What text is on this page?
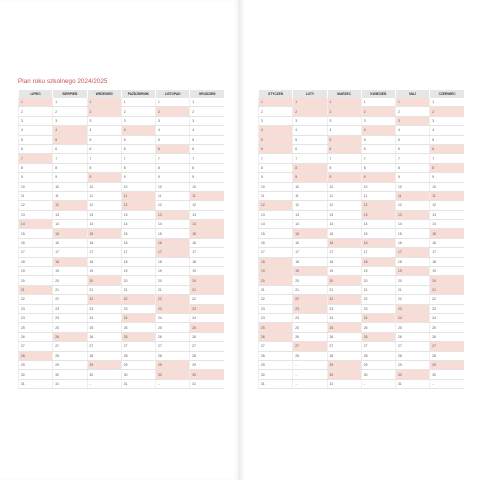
Plan roku szkolnego 2024/2025
LIPIEC	SIERPIEŃ	WRZESIEŃ	PAŹDZIERNIK	LISTOPAD	GRUDZIEŃ
1	1	1	1	1	1
2	2	2	2	2	2
3	3	3	3	3	3
4	4	4	4	4	4
5	5	5	5	5	5
6	6	6	6	6	6
7	7	7	7	7	7
8	8	8	8	8	8
9	9	9	9	9	9
10	10	10	10	10	10
11	11	11	11	11	11
12	12	12	12	12	12
13	13	13	13	13	13
14	14	14	14	14	14
15	15	15	15	15	15
16	16	16	16	16	16
17	17	17	17	17	17
18	18	18	18	18	18
19	19	19	19	19	19
20	20	20	20	20	20
21	21	21	21	21	21
22	22	22	22	22	22
23	23	23	23	23	23
24	24	24	24	24	24
25	25	25	25	25	25
26	26	26	26	26	26
27	27	27	27	27	27
28	28	28	28	28	28
29	29	29	29	29	29
30	30	30	30	30	30
31	31	–	31	–	31
STYCZEŃ	LUTY	MARZEC	KWIECIEŃ	MAJ	CZERWIEC
1	1	1	1	1	1
2	2	2	2	2	2
3	3	3	3	3	3
4	4	4	4	4	4
5	5	5	5	5	5
6	6	6	6	6	6
7	7	7	7	7	7
8	8	8	8	8	8
9	9	9	9	9	9
10	10	10	10	10	10
11	11	11	11	11	11
12	12	12	12	12	12
13	13	13	13	13	13
14	14	14	14	14	14
15	15	15	15	15	15
16	16	16	16	16	16
17	17	17	17	17	17
18	18	18	18	18	18
19	19	19	19	19	19
20	20	20	20	20	20
21	21	21	21	21	21
22	22	22	22	22	22
23	23	23	23	23	23
24	24	24	24	24	24
25	25	25	25	25	25
26	26	26	26	26	26
27	27	27	27	27	27
28	28	28	28	28	28
29	–	29	29	29	29
30	–	30	30	30	30
31	–	31	–	31	–
